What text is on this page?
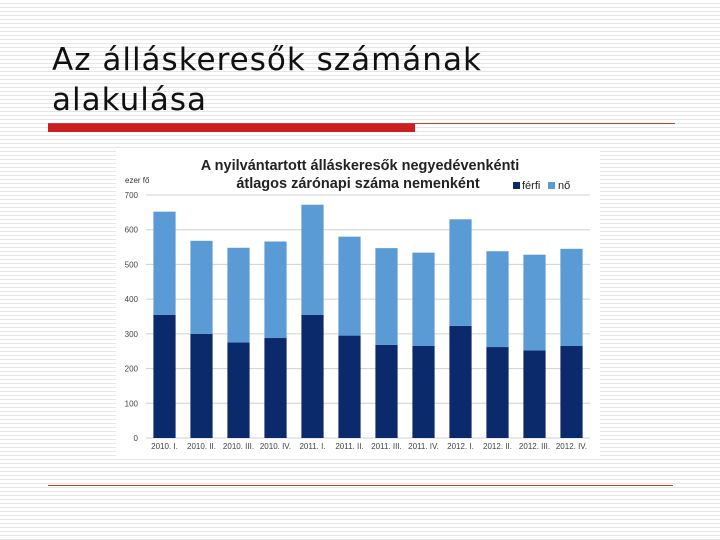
Az álláskeresők számának
alakulása
0
100
200
300
400
500
600
700
2010. I. 2010. II. 2010. III. 2010. IV. 2011. I. 2011. II. 2011. III. 2011. IV. 2012. I. 2012. II. 2012. III. 2012. IV.
A nyilvántartott álláskeresők negyedévenkénti
átlagos zárónapi száma nemenként
ezer fő	férfi nő
